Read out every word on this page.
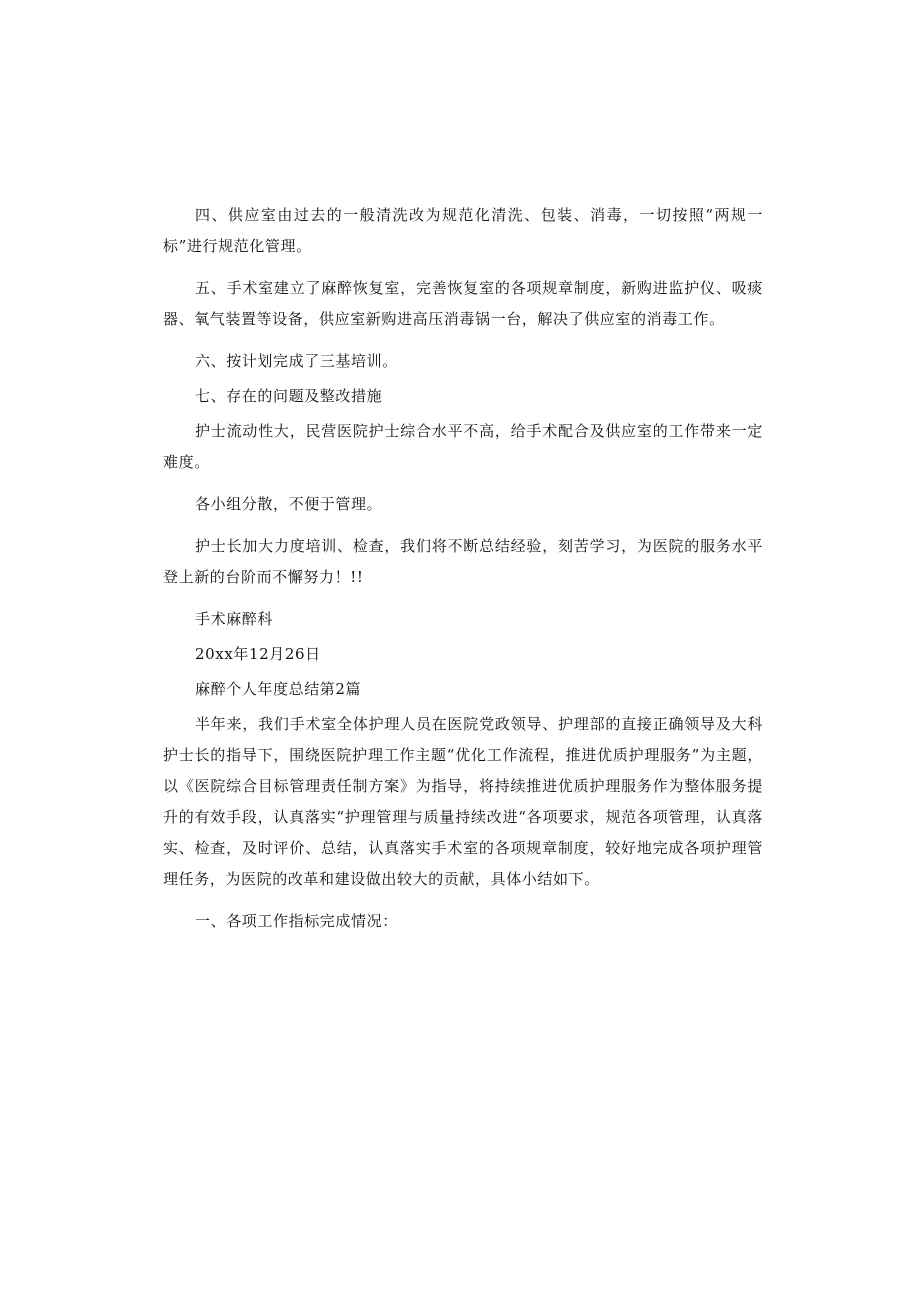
四、供应室由过去的一般清洗改为规范化清洗、包装、消毒，一切按照“两规一标”进行规范化管理。

五、手术室建立了麻醉恢复室，完善恢复室的各项规章制度，新购进监护仪、吸痰器、氧气装置等设备，供应室新购进高压消毒锅一台，解决了供应室的消毒工作。

六、按计划完成了三基培训。

七、存在的问题及整改措施

护士流动性大，民营医院护士综合水平不高，给手术配合及供应室的工作带来一定难度。

各小组分散，不便于管理。

护士长加大力度培训、检查，我们将不断总结经验，刻苦学习，为医院的服务水平登上新的台阶而不懈努力！!!

手术麻醉科

20xx年12月26日

麻醉个人年度总结第2篇

半年来，我们手术室全体护理人员在医院党政领导、护理部的直接正确领导及大科护士长的指导下，围绕医院护理工作主题“优化工作流程，推进优质护理服务”为主题，以《医院综合目标管理责任制方案》为指导，将持续推进优质护理服务作为整体服务提升的有效手段，认真落实“护理管理与质量持续改进“各项要求，规范各项管理，认真落实、检查，及时评价、总结，认真落实手术室的各项规章制度，较好地完成各项护理管理任务，为医院的改革和建设做出较大的贡献，具体小结如下。

一、各项工作指标完成情况：
